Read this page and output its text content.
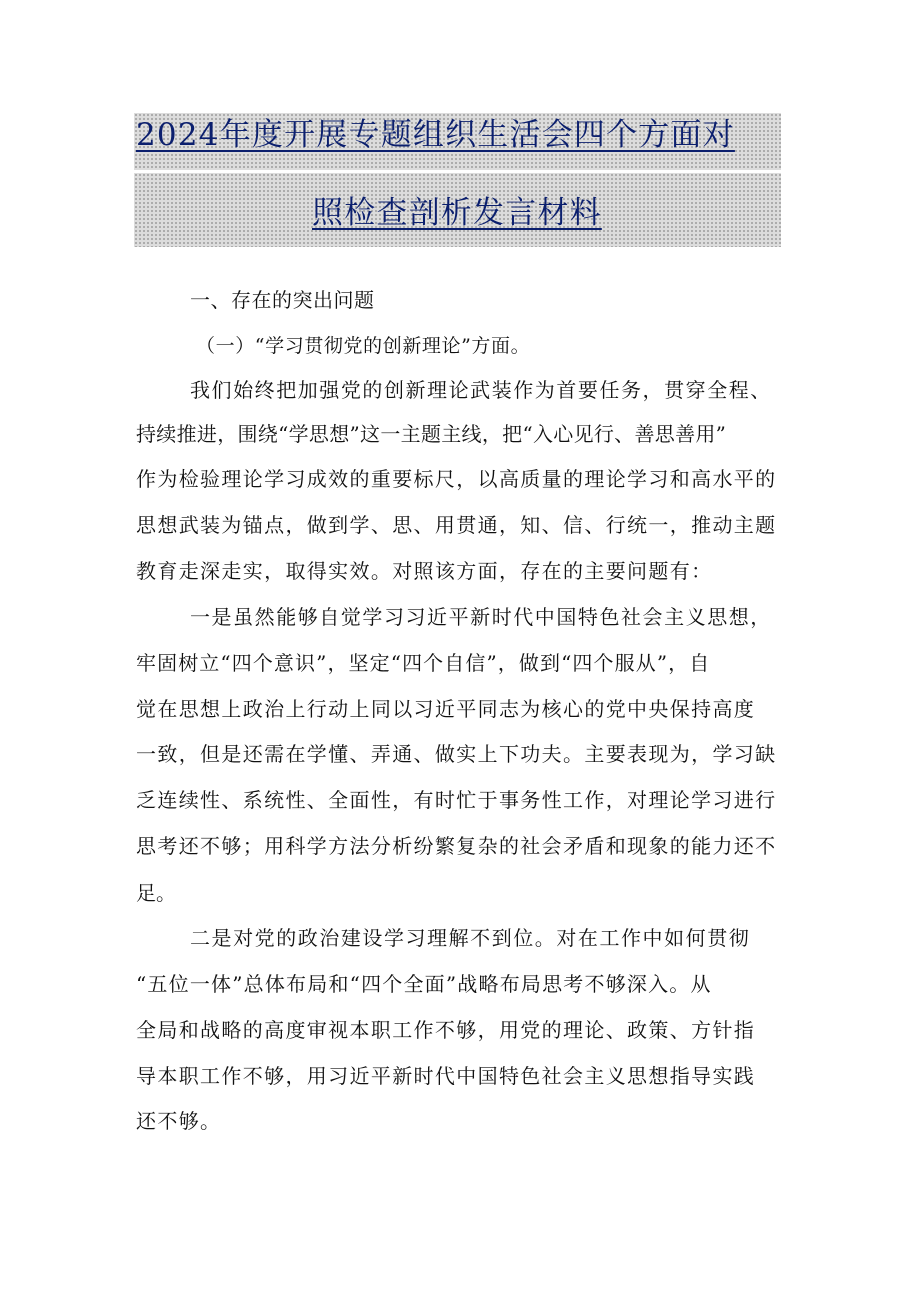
2024年度开展专题组织生活会四个方面对
照检查剖析发言材料
一、存在的突出问题
（一）“学习贯彻党的创新理论”方面。
我们始终把加强党的创新理论武装作为首要任务，贯穿全程、
持续推进，围绕“学思想”这一主题主线，把“入心见行、善思善用”
作为检验理论学习成效的重要标尺，以高质量的理论学习和高水平的
思想武装为锚点，做到学、思、用贯通，知、信、行统一，推动主题
教育走深走实，取得实效。对照该方面，存在的主要问题有：
一是虽然能够自觉学习习近平新时代中国特色社会主义思想，
牢固树立“四个意识”，坚定“四个自信”，做到“四个服从”，自
觉在思想上政治上行动上同以习近平同志为核心的党中央保持高度
一致，但是还需在学懂、弄通、做实上下功夫。主要表现为，学习缺
乏连续性、系统性、全面性，有时忙于事务性工作，对理论学习进行
思考还不够；用科学方法分析纷繁复杂的社会矛盾和现象的能力还不
足。
二是对党的政治建设学习理解不到位。对在工作中如何贯彻
“五位一体”总体布局和“四个全面”战略布局思考不够深入。从
全局和战略的高度审视本职工作不够，用党的理论、政策、方针指
导本职工作不够，用习近平新时代中国特色社会主义思想指导实践
还不够。
